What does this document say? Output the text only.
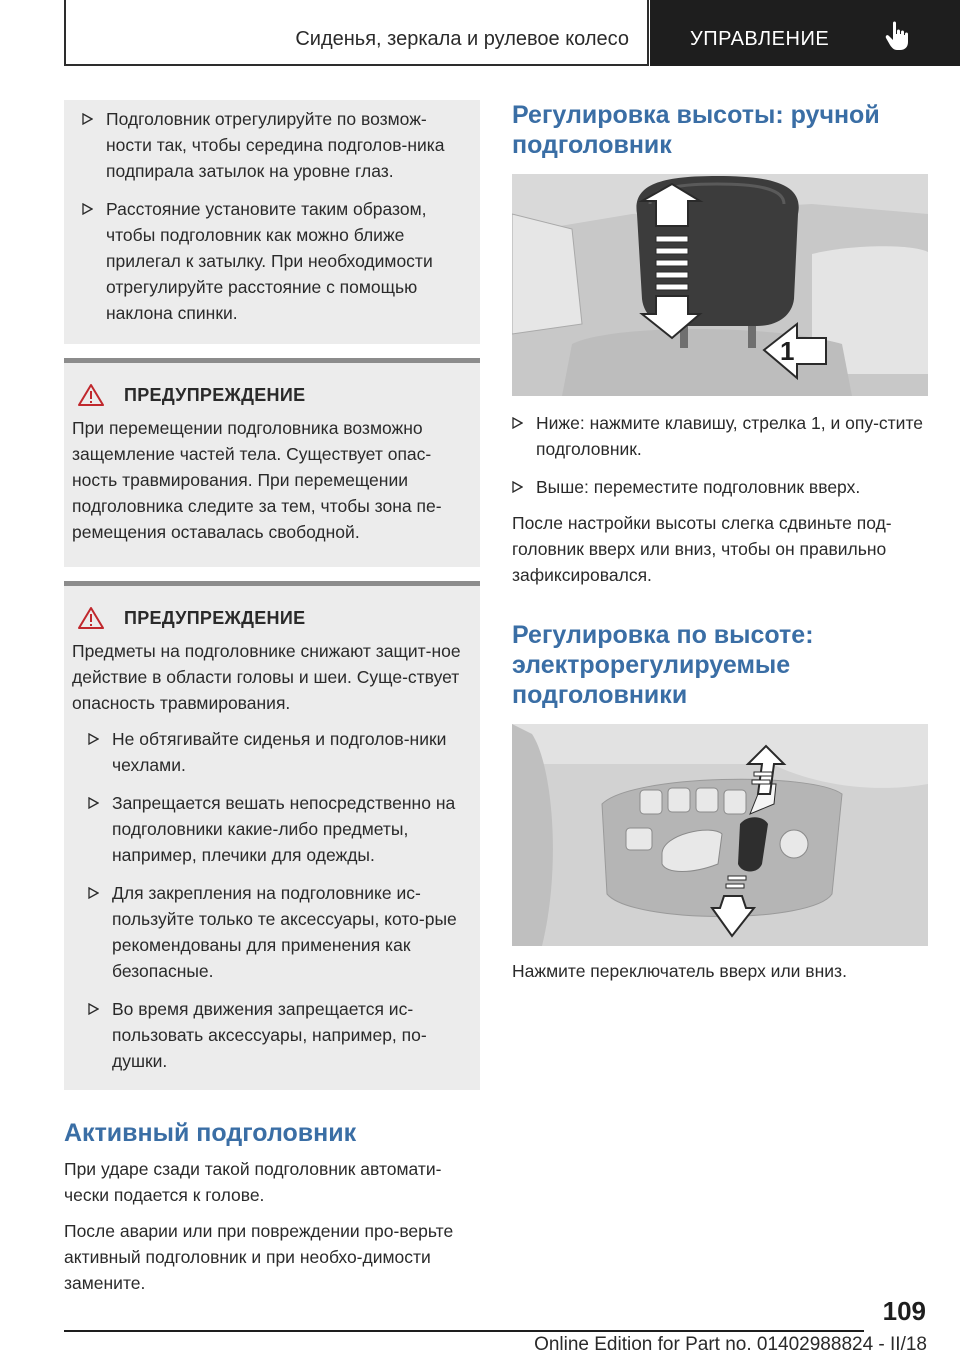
Сиденья, зеркала и рулевое колесо	УПРАВЛЕНИЕ
Подголовник отрегулируйте по возмож-ности так, чтобы середина подголов-ника подпирала затылок на уровне глаз.
Расстояние установите таким образом, чтобы подголовник как можно ближе прилегал к затылку. При необходимости отрегулируйте расстояние с помощью наклона спинки.
ПРЕДУПРЕЖДЕНИЕ
При перемещении подголовника возможно защемление частей тела. Существует опас-ность травмирования. При перемещении подголовника следите за тем, чтобы зона пе-ремещения оставалась свободной.
ПРЕДУПРЕЖДЕНИЕ
Предметы на подголовнике снижают защит-ное действие в области головы и шеи. Суще-ствует опасность травмирования.
Не обтягивайте сиденья и подголов-ники чехлами.
Запрещается вешать непосредственно на подголовники какие-либо предметы, например, плечики для одежды.
Для закрепления на подголовнике ис-пользуйте только те аксессуары, кото-рые рекомендованы для применения как безопасные.
Во время движения запрещается ис-пользовать аксессуары, например, по-душки.
Активный подголовник

При ударе сзади такой подголовник автомати-чески подается к голове.

После аварии или при повреждении про-верьте активный подголовник и при необхо-димости замените.

Регулировка высоты: ручной подголовник
1
Ниже: нажмите клавишу, стрелка 1, и опу-стите подголовник.
Выше: переместите подголовник вверх.

После настройки высоты слегка сдвиньте под-головник вверх или вниз, чтобы он правильно зафиксировался.

Регулировка по высоте: электрорегулируемые подголовники

Нажмите переключатель вверх или вниз.

109
Online Edition for Part no. 01402988824 - II/18
